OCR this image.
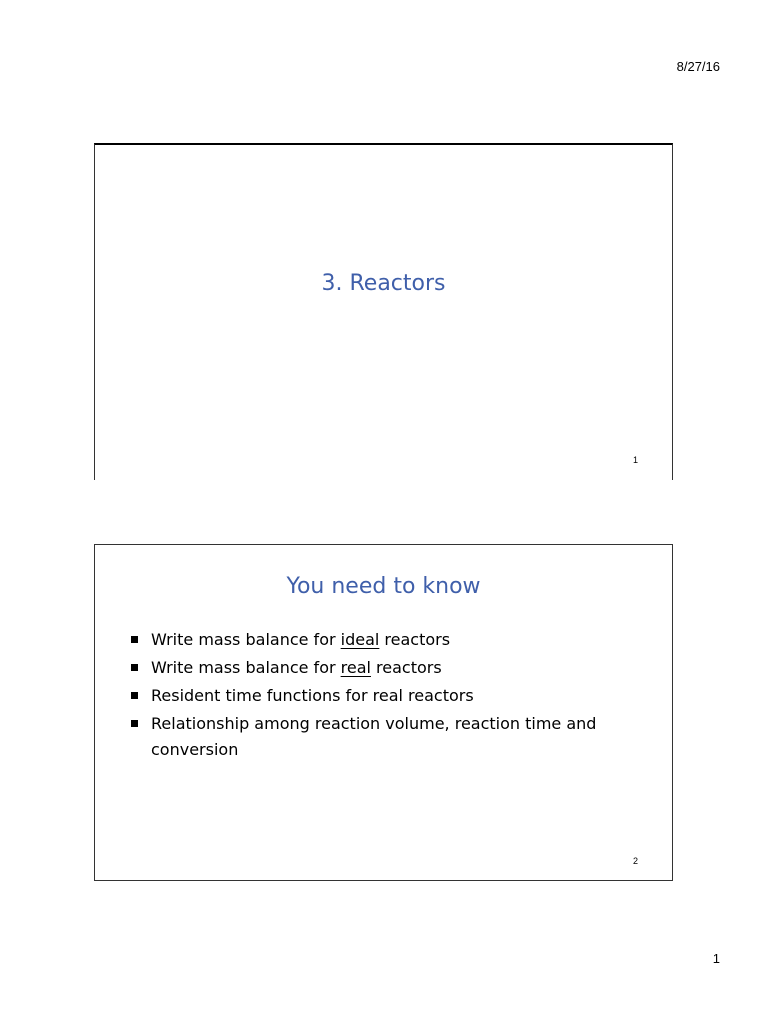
8/27/16
3. Reactors
1
You need to know
Write mass balance for ideal reactors
Write mass balance for real reactors
Resident time functions for real reactors
Relationship among reaction volume, reaction time and conversion
2
1
